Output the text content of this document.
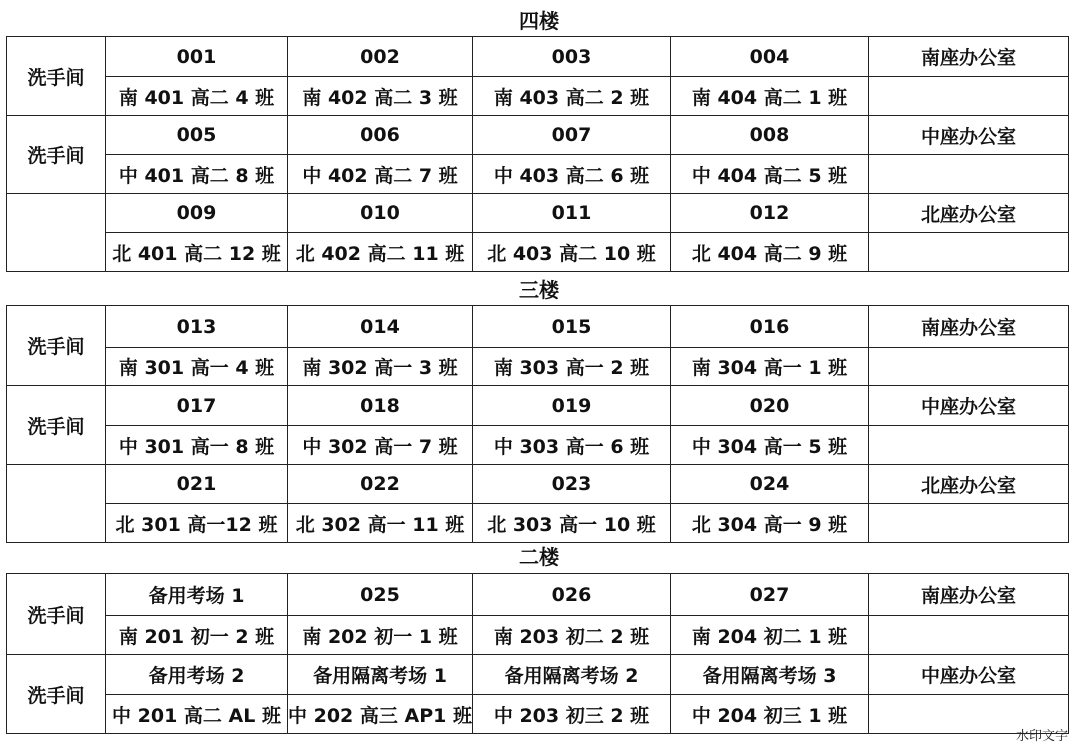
四楼
洗手间	001	002	003	004	南座办公室
	南 401 高二 4 班	南 402 高二 3 班	南 403 高二 2 班	南 404 高二 1 班	
洗手间	005	006	007	008	中座办公室
	中 401 高二 8 班	中 402 高二 7 班	中 403 高二 6 班	中 404 高二 5 班	
	009	010	011	012	北座办公室
	北 401 高二 12 班	北 402 高二 11 班	北 403 高二 10 班	北 404 高二 9 班	
三楼
洗手间	013	014	015	016	南座办公室
	南 301 高一 4 班	南 302 高一 3 班	南 303 高一 2 班	南 304 高一 1 班	
洗手间	017	018	019	020	中座办公室
	中 301 高一 8 班	中 302 高一 7 班	中 303 高一 6 班	中 304 高一 5 班	
	021	022	023	024	北座办公室
	北 301 高一12 班	北 302 高一 11 班	北 303 高一 10 班	北 304 高一 9 班	
二楼
洗手间	备用考场 1	025	026	027	南座办公室
	南 201 初一 2 班	南 202 初一 1 班	南 203 初二 2 班	南 204 初二 1 班	
洗手间	备用考场 2	备用隔离考场 1	备用隔离考场 2	备用隔离考场 3	中座办公室
	中 201 高二 AL 班	中 202 高三 AP1 班	中 203 初三 2 班	中 204 初三 1 班	
水印文字
